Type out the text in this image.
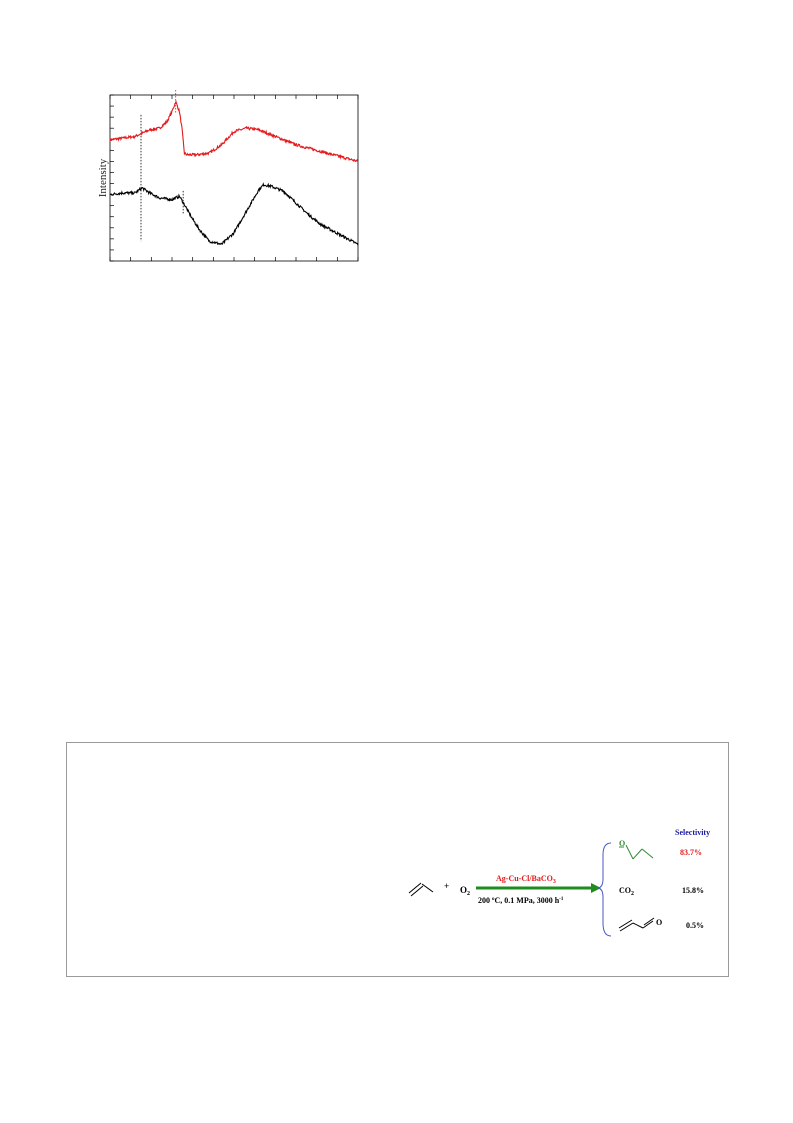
Intensity
+ $O_2$
Ag-Cu-Cl/BaCO$_3$
200 $^o$C, 0.1 MPa, 3000 $h^{-1}$
Selectivity
O
83.7%
$CO_2$	15.8%
O	0.5%
